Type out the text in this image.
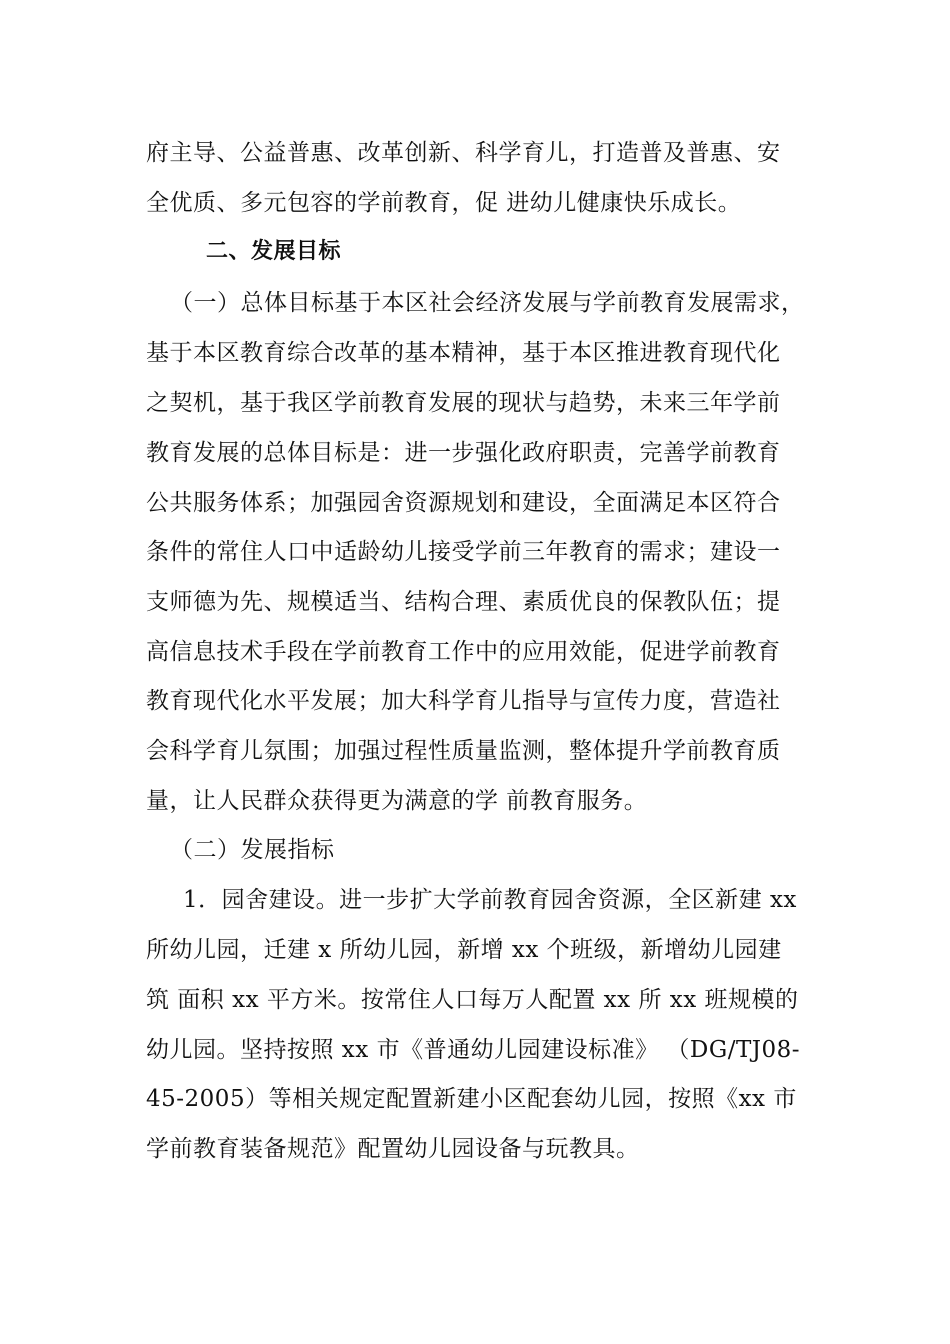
府主导、公益普惠、改革创新、科学育儿，打造普及普惠、安
全优质、多元包容的学前教育，促 进幼儿健康快乐成长。
二、发展目标
（一）总体目标基于本区社会经济发展与学前教育发展需求，
基于本区教育综合改革的基本精神，基于本区推进教育现代化
之契机，基于我区学前教育发展的现状与趋势，未来三年学前
教育发展的总体目标是：进一步强化政府职责，完善学前教育
公共服务体系；加强园舍资源规划和建设，全面满足本区符合
条件的常住人口中适龄幼儿接受学前三年教育的需求；建设一
支师德为先、规模适当、结构合理、素质优良的保教队伍；提
高信息技术手段在学前教育工作中的应用效能，促进学前教育
教育现代化水平发展；加大科学育儿指导与宣传力度，营造社
会科学育儿氛围；加强过程性质量监测，整体提升学前教育质
量，让人民群众获得更为满意的学 前教育服务。
（二）发展指标
1．园舍建设。进一步扩大学前教育园舍资源，全区新建 xx
所幼儿园，迁建 x 所幼儿园，新增 xx 个班级，新增幼儿园建
筑 面积 xx 平方米。按常住人口每万人配置 xx 所 xx 班规模的
幼儿园。坚持按照 xx 市《普通幼儿园建设标准》 （DG/TJ08-
45-2005）等相关规定配置新建小区配套幼儿园，按照《xx 市
学前教育装备规范》配置幼儿园设备与玩教具。
